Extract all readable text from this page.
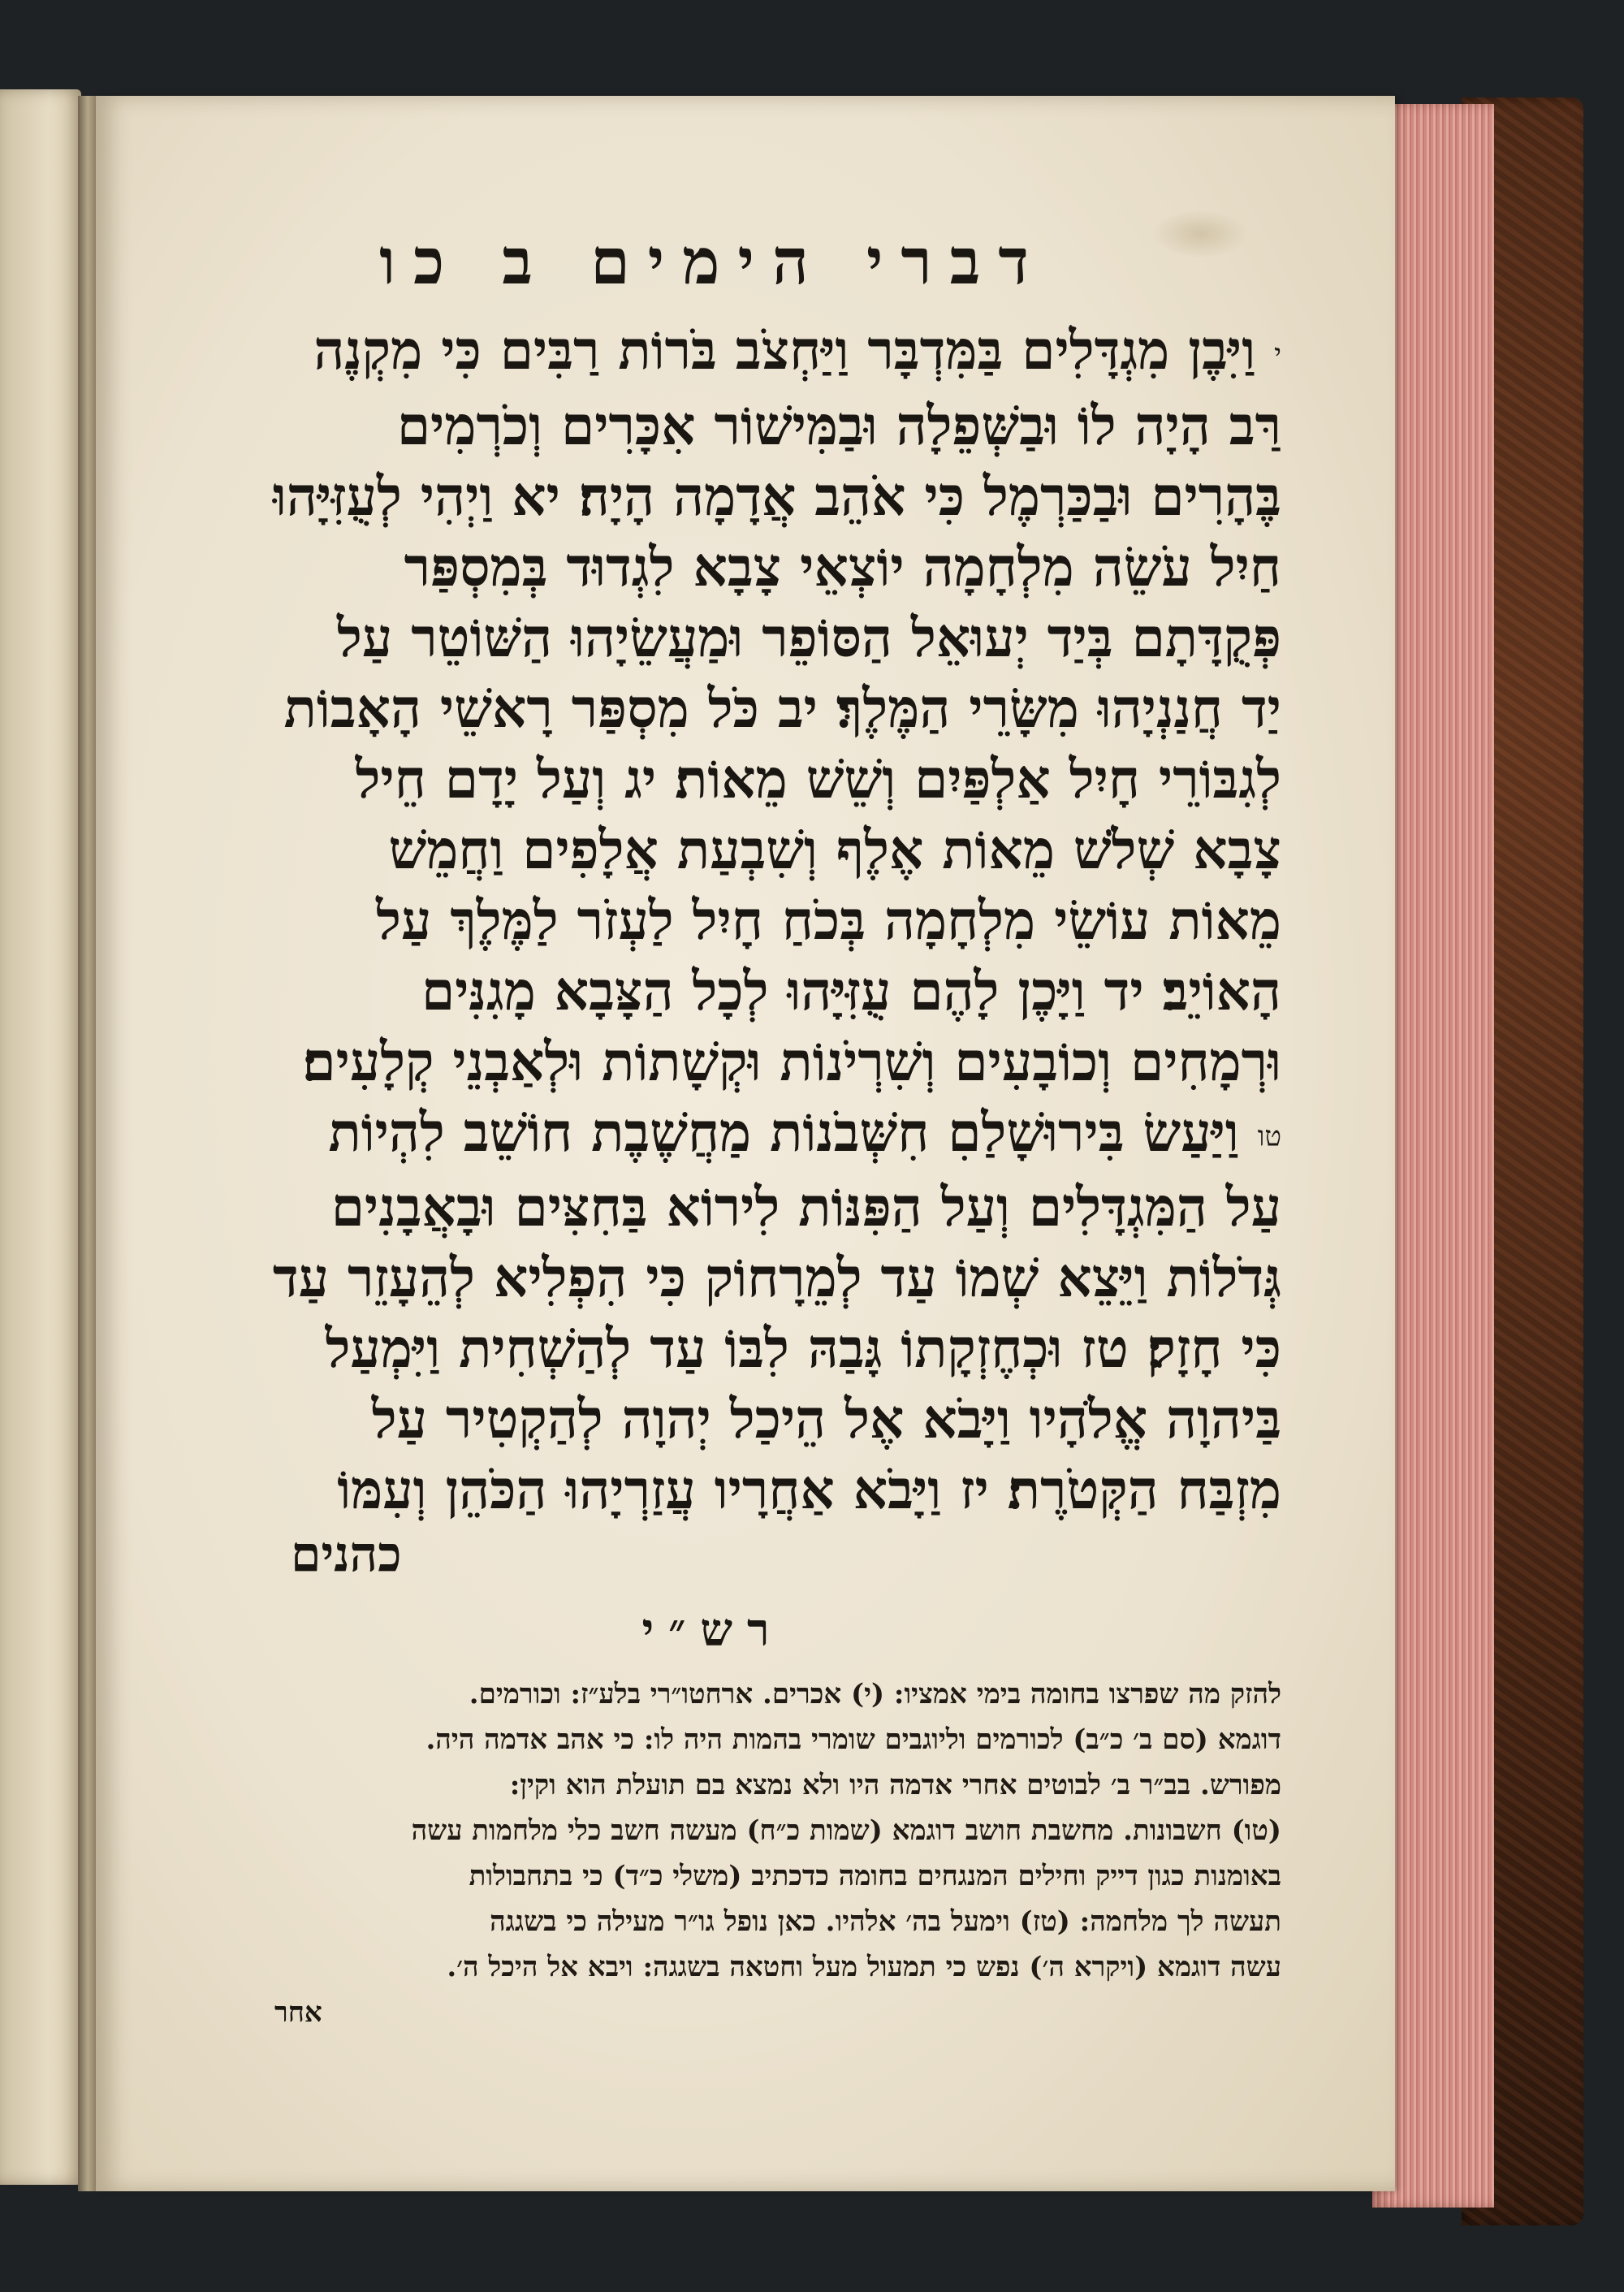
דברי הימים ב כו
י וַיִּבֶן מִגְדָּלִים בַּמִּדְבָּר וַיַּחְצֹב בֹּרוֹת רַבִּים כִּי מִקְנֶה
רַּב הָיָה לוֹ וּבַשְּׁפֵלָה וּבַמִּישׁוֹר אִכָּרִים וְכֹרְמִים
בֶּהָרִים וּבַכַּרְמֶל כִּי אֹהֵב אֲדָמָה הָיָה׃ יא וַיְהִי לְעֻזִּיָּהוּ
חַיִל עֹשֵׂה מִלְחָמָה יוֹצְאֵי צָבָא לִגְדוּד בְּמִסְפַּר
פְּקֻדָּתָם בְּיַד יְעוּאֵל הַסּוֹפֵר וּמַעֲשֵׂיָהוּ הַשּׁוֹטֵר עַל
יַד חֲנַנְיָהוּ מִשָּׂרֵי הַמֶּלֶךְ׃ יב כֹּל מִסְפַּר רָאשֵׁי הָאָבוֹת
לְגִבּוֹרֵי חָיִל אַלְפַּיִם וְשֵׁשׁ מֵאוֹת׃ יג וְעַל יָדָם חֵיל
צָבָא שְׁלֹשׁ מֵאוֹת אֶלֶף וְשִׁבְעַת אֲלָפִים וַחֲמֵשׁ
מֵאוֹת עוֹשֵׂי מִלְחָמָה בְּכֹחַ חָיִל לַעְזֹר לַמֶּלֶךְ עַל
הָאוֹיֵב׃ יד וַיָּכֶן לָהֶם עֻזִּיָּהוּ לְכָל הַצָּבָא מָגִנִּים
וּרְמָחִים וְכוֹבָעִים וְשִׁרְיֹנוֹת וּקְשָׁתוֹת וּלְאַבְנֵי קְלָעִים׃
טו וַיַּעַשׂ בִּירוּשָׁלַםִ חִשְּׁבֹנוֹת מַחֲשֶׁבֶת חוֹשֵׁב לִהְיוֹת
עַל הַמִּגְדָּלִים וְעַל הַפִּנּוֹת לִירוֹא בַּחִצִּים וּבָאֲבָנִים
גְּדֹלוֹת וַיֵּצֵא שְׁמוֹ עַד לְמֵרָחוֹק כִּי הִפְלִיא לְהֵעָזֵר עַד
כִּי חָזָק׃ טז וּכְחֶזְקָתוֹ גָּבַהּ לִבּוֹ עַד לְהַשְׁחִית וַיִּמְעַל
בַּיהוָה אֱלֹהָיו וַיָּבֹא אֶל הֵיכַל יְהוָה לְהַקְטִיר עַל
מִזְבַּח הַקְּטֹרֶת׃ יז וַיָּבֹא אַחֲרָיו עֲזַרְיָהוּ הַכֹּהֵן וְעִמּוֹ
כהנים
רש״י
להזק מה שפרצו בחומה בימי אמציו: (י) אכרים. ארחטו״רי בלע״ז: וכורמים.
דוגמא (סם ב׳ כ״ב) לכורמים וליוגבים שומרי בהמות היה לו: כי אהב אדמה היה.
מפורש. בב״ר ב׳ לבוטים אחרי אדמה היו ולא נמצא בם תועלת הוא וקין:
(טו) חשבונות. מחשבת חושב דוגמא (שמות כ״ח) מעשה חשב כלי מלחמות עשה
באומנות כגון דייק וחילים המנגחים בחומה כדכתיב (משלי כ״ד) כי בתחבולות
תעשה לך מלחמה: (טז) וימעל בה׳ אלהיו. כאן נופל גו״ר מעילה כי בשגגה
עשה דוגמא (ויקרא ה׳) נפש כי תמעול מעל וחטאה בשגגה: ויבא אל היכל ה׳.
אחר
